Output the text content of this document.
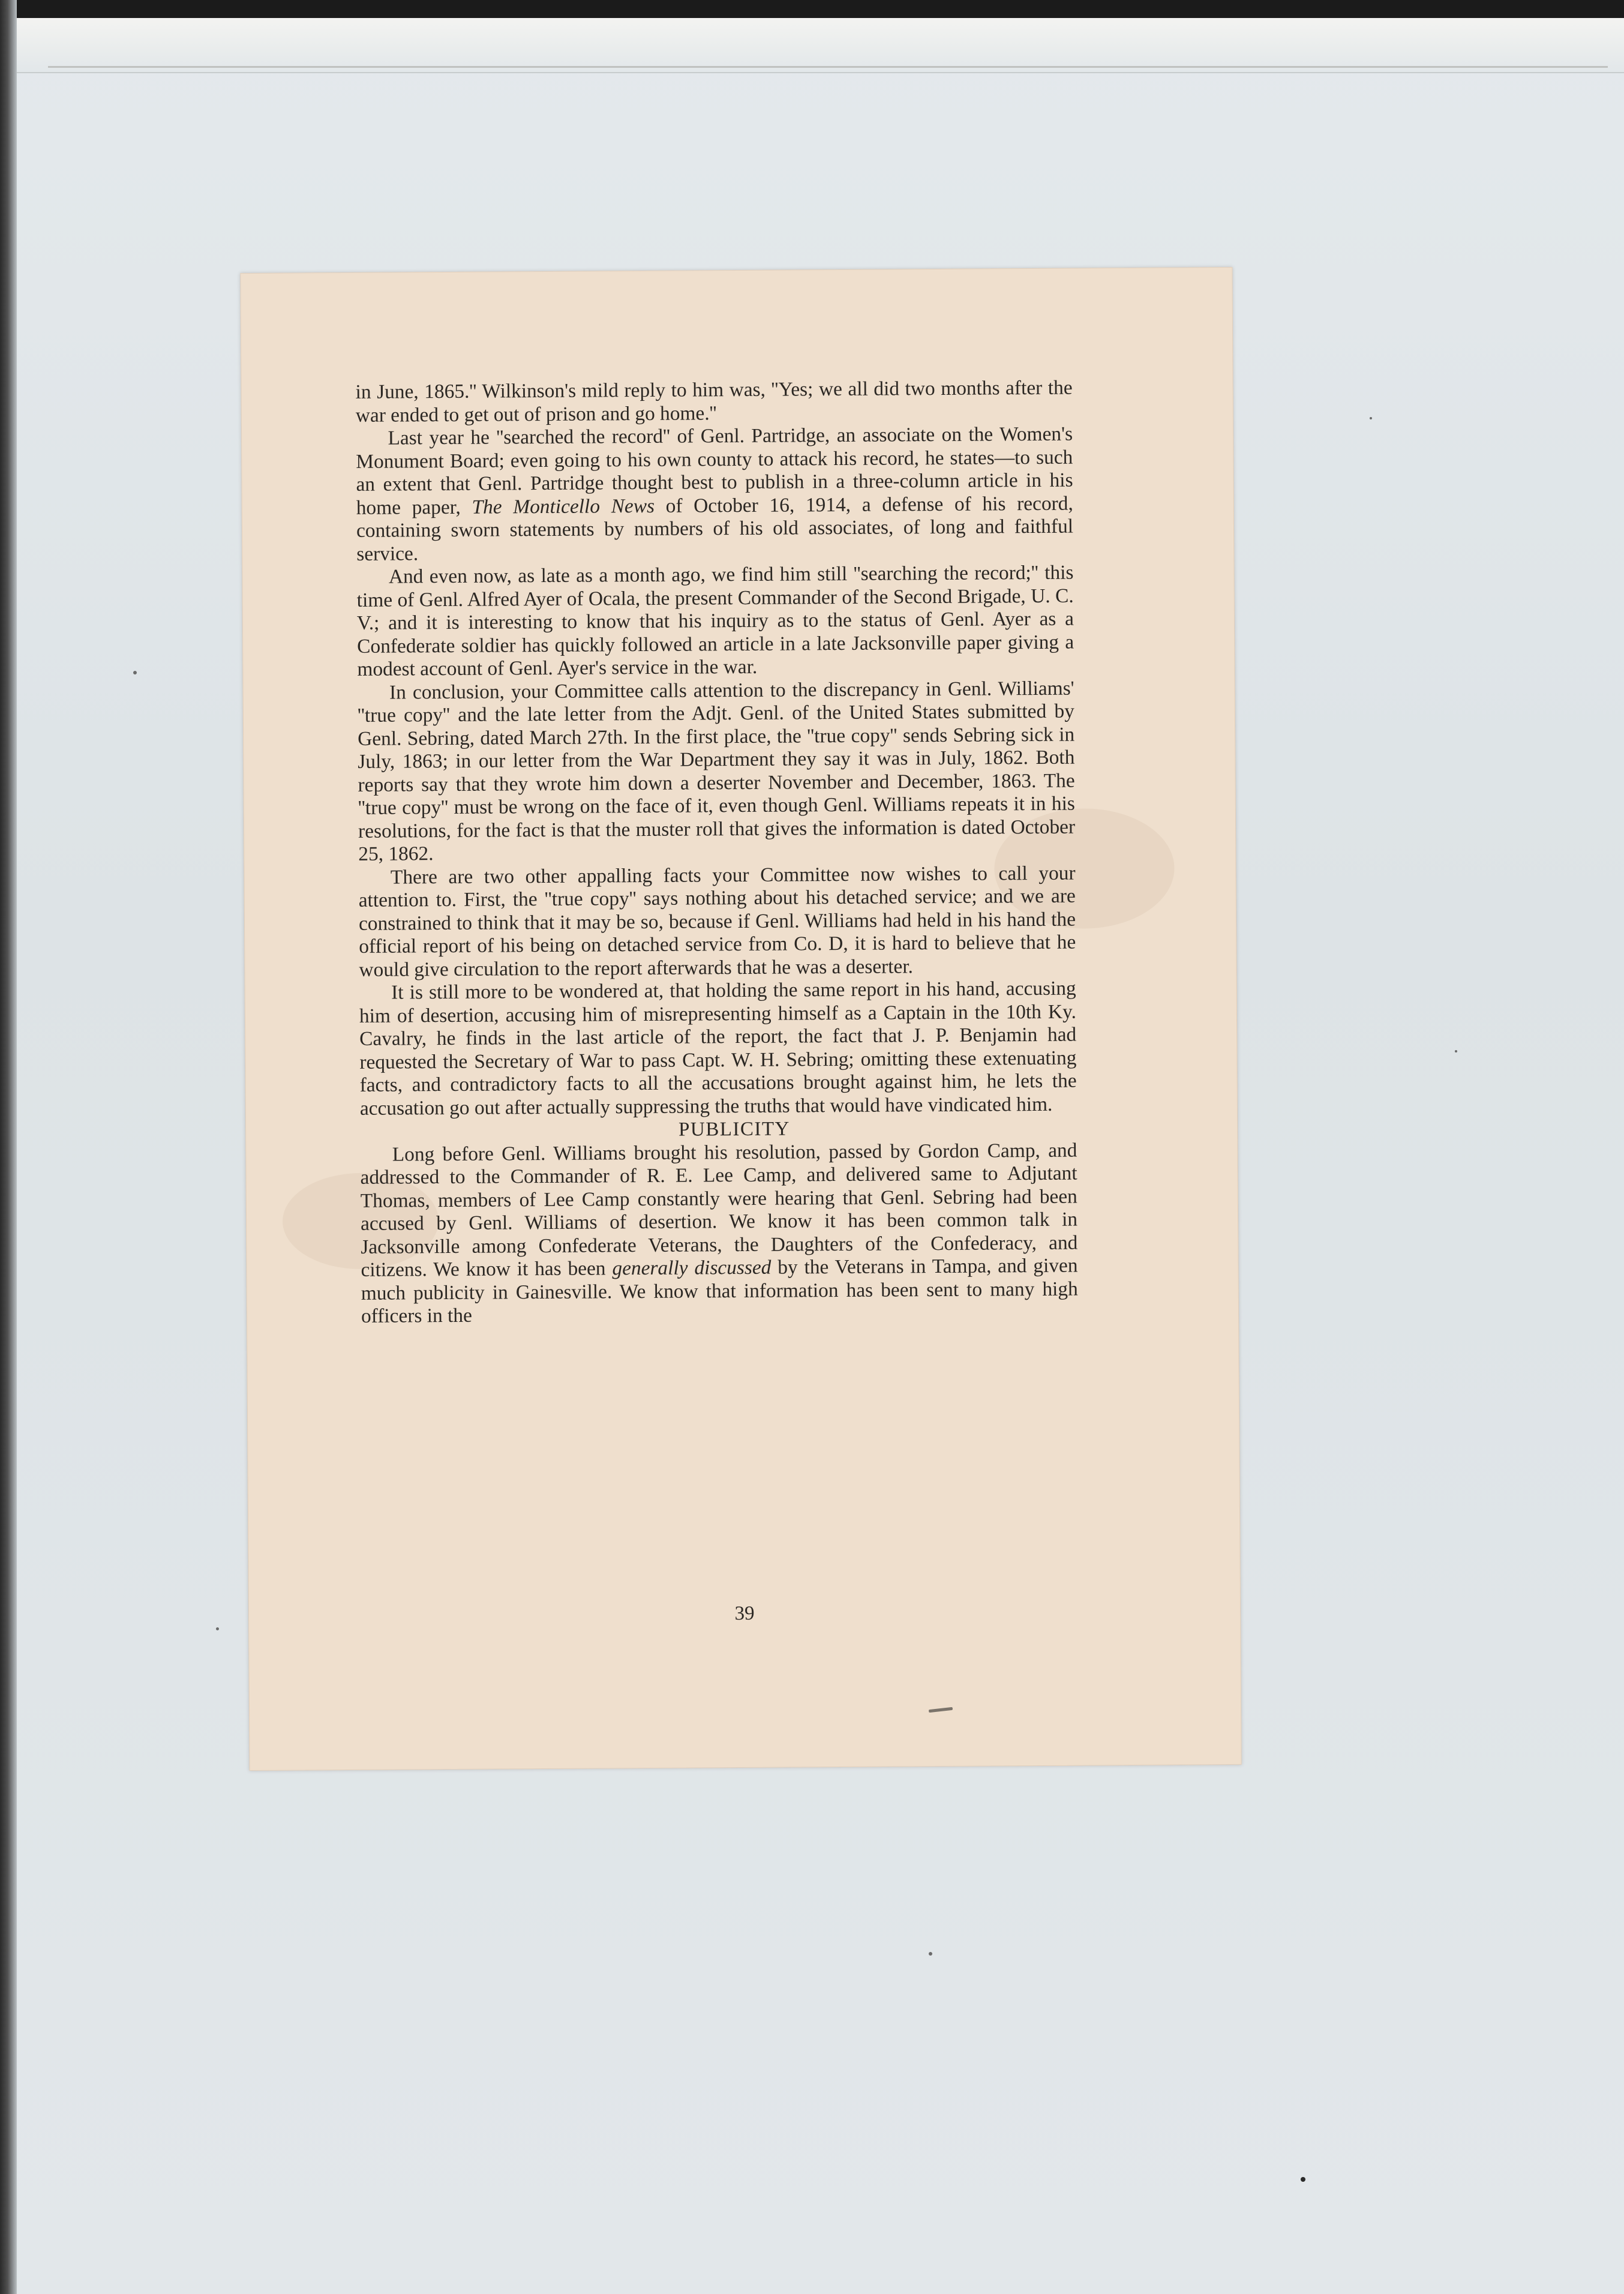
in June, 1865.'' Wilkinson's mild reply to him was, ''Yes; we all did two months after the war ended to get out of prison and go home.''

Last year he ''searched the record'' of Genl. Partridge, an associate on the Women's Monument Board; even going to his own county to attack his record, he states—to such an extent that Genl. Partridge thought best to publish in a three-column article in his home paper, The Monticello News of October 16, 1914, a defense of his record, containing sworn statements by numbers of his old associates, of long and faithful service.

And even now, as late as a month ago, we find him still ''searching the record;'' this time of Genl. Alfred Ayer of Ocala, the present Commander of the Second Brigade, U. C. V.; and it is interesting to know that his inquiry as to the status of Genl. Ayer as a Confederate soldier has quickly followed an article in a late Jacksonville paper giving a modest account of Genl. Ayer's service in the war.

In conclusion, your Committee calls attention to the discrepancy in Genl. Williams' ''true copy'' and the late letter from the Adjt. Genl. of the United States submitted by Genl. Sebring, dated March 27th. In the first place, the ''true copy'' sends Sebring sick in July, 1863; in our letter from the War Department they say it was in July, 1862. Both reports say that they wrote him down a deserter November and December, 1863. The ''true copy'' must be wrong on the face of it, even though Genl. Williams repeats it in his resolutions, for the fact is that the muster roll that gives the information is dated October 25, 1862.

There are two other appalling facts your Committee now wishes to call your attention to. First, the ''true copy'' says nothing about his detached service; and we are constrained to think that it may be so, because if Genl. Williams had held in his hand the official report of his being on detached service from Co. D, it is hard to believe that he would give circulation to the report afterwards that he was a deserter.

It is still more to be wondered at, that holding the same report in his hand, accusing him of desertion, accusing him of misrepresenting himself as a Captain in the 10th Ky. Cavalry, he finds in the last article of the report, the fact that J. P. Benjamin had requested the Secretary of War to pass Capt. W. H. Sebring; omitting these extenuating facts, and contradictory facts to all the accusations brought against him, he lets the accusation go out after actually suppressing the truths that would have vindicated him.

PUBLICITY

Long before Genl. Williams brought his resolution, passed by Gordon Camp, and addressed to the Commander of R. E. Lee Camp, and delivered same to Adjutant Thomas, members of Lee Camp constantly were hearing that Genl. Sebring had been accused by Genl. Williams of desertion. We know it has been common talk in Jacksonville among Confederate Veterans, the Daughters of the Confederacy, and citizens. We know it has been generally discussed by the Veterans in Tampa, and given much publicity in Gainesville. We know that information has been sent to many high officers in the

39
